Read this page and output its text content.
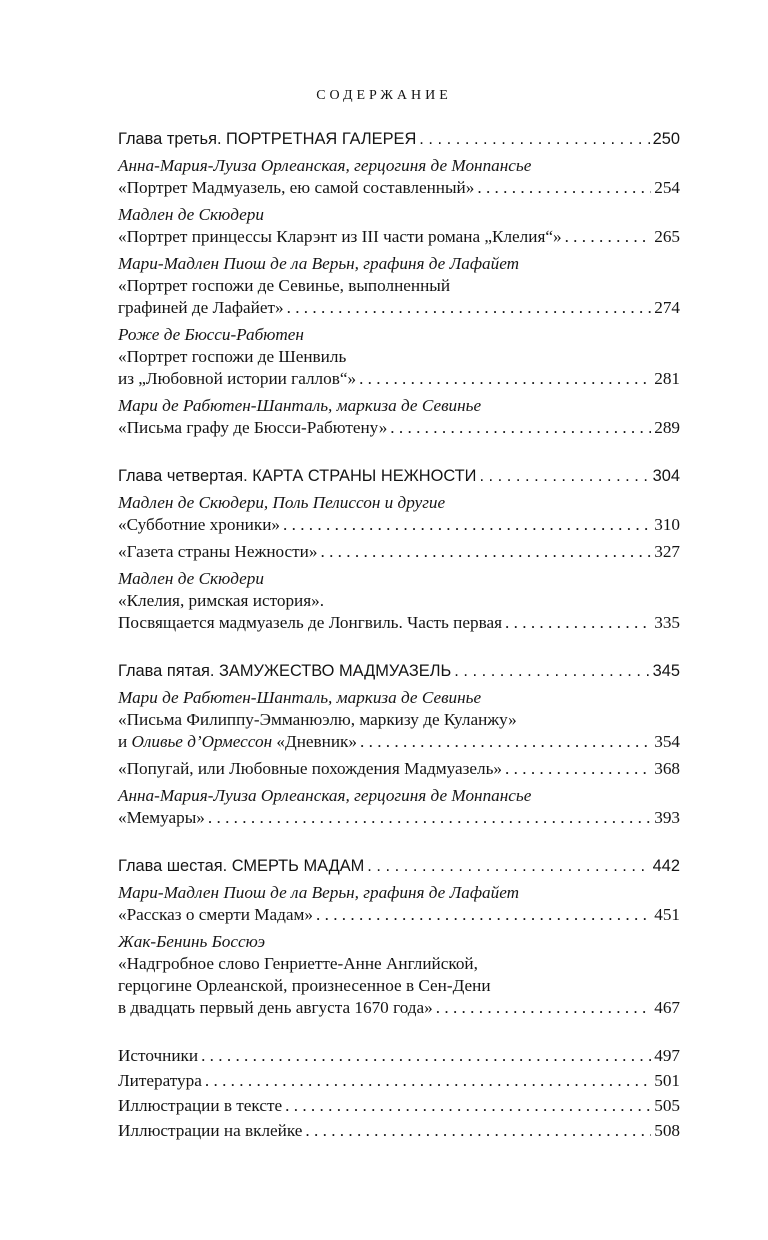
СОДЕРЖАНИЕ
Глава третья. ПОРТРЕТНАЯ ГАЛЕРЕЯ . . .	250
Анна-Мария-Луиза Орлеанская, герцогиня де Монпансье
«Портрет Мадмуазель, ею самой составленный» . . .	254
Мадлен де Скюдери
«Портрет принцессы Кларэнт из III части романа „Клелия“» . . .	265
Мари-Мадлен Пиош де ла Верьн, графиня де Лафайет
«Портрет госпожи де Севинье, выполненный
графиней де Лафайет» . . .	274
Роже де Бюсси-Рабютен
«Портрет госпожи де Шенвиль
из „Любовной истории галлов“» . . .	281
Мари де Рабютен-Шанталь, маркиза де Севинье
«Письма графу де Бюсси-Рабютену» . . .	289
Глава четвертая. КАРТА СТРАНЫ НЕЖНОСТИ . . .	304
Мадлен де Скюдери, Поль Пелиссон и другие
«Субботние хроники» . . .	310
«Газета страны Нежности» . . .	327
Мадлен де Скюдери
«Клелия, римская история».
Посвящается мадмуазель де Лонгвиль. Часть первая . . .	335
Глава пятая. ЗАМУЖЕСТВО МАДМУАЗЕЛЬ . . .	345
Мари де Рабютен-Шанталь, маркиза де Севинье
«Письма Филиппу-Эмманюэлю, маркизу де Куланжу»
и Оливье д’Ормессон «Дневник» . . .	354
«Попугай, или Любовные похождения Мадмуазель» . . .	368
Анна-Мария-Луиза Орлеанская, герцогиня де Монпансье
«Мемуары» . . .	393
Глава шестая. СМЕРТЬ МАДАМ . . .	442
Мари-Мадлен Пиош де ла Верьн, графиня де Лафайет
«Рассказ о смерти Мадам» . . .	451
Жак-Бенинь Боссюэ
«Надгробное слово Генриетте-Анне Английской,
герцогине Орлеанской, произнесенное в Сен-Дени
в двадцать первый день августа 1670 года» . . .	467
Источники . . .	497
Литература . . .	501
Иллюстрации в тексте . . .	505
Иллюстрации на вклейке . . .	508
